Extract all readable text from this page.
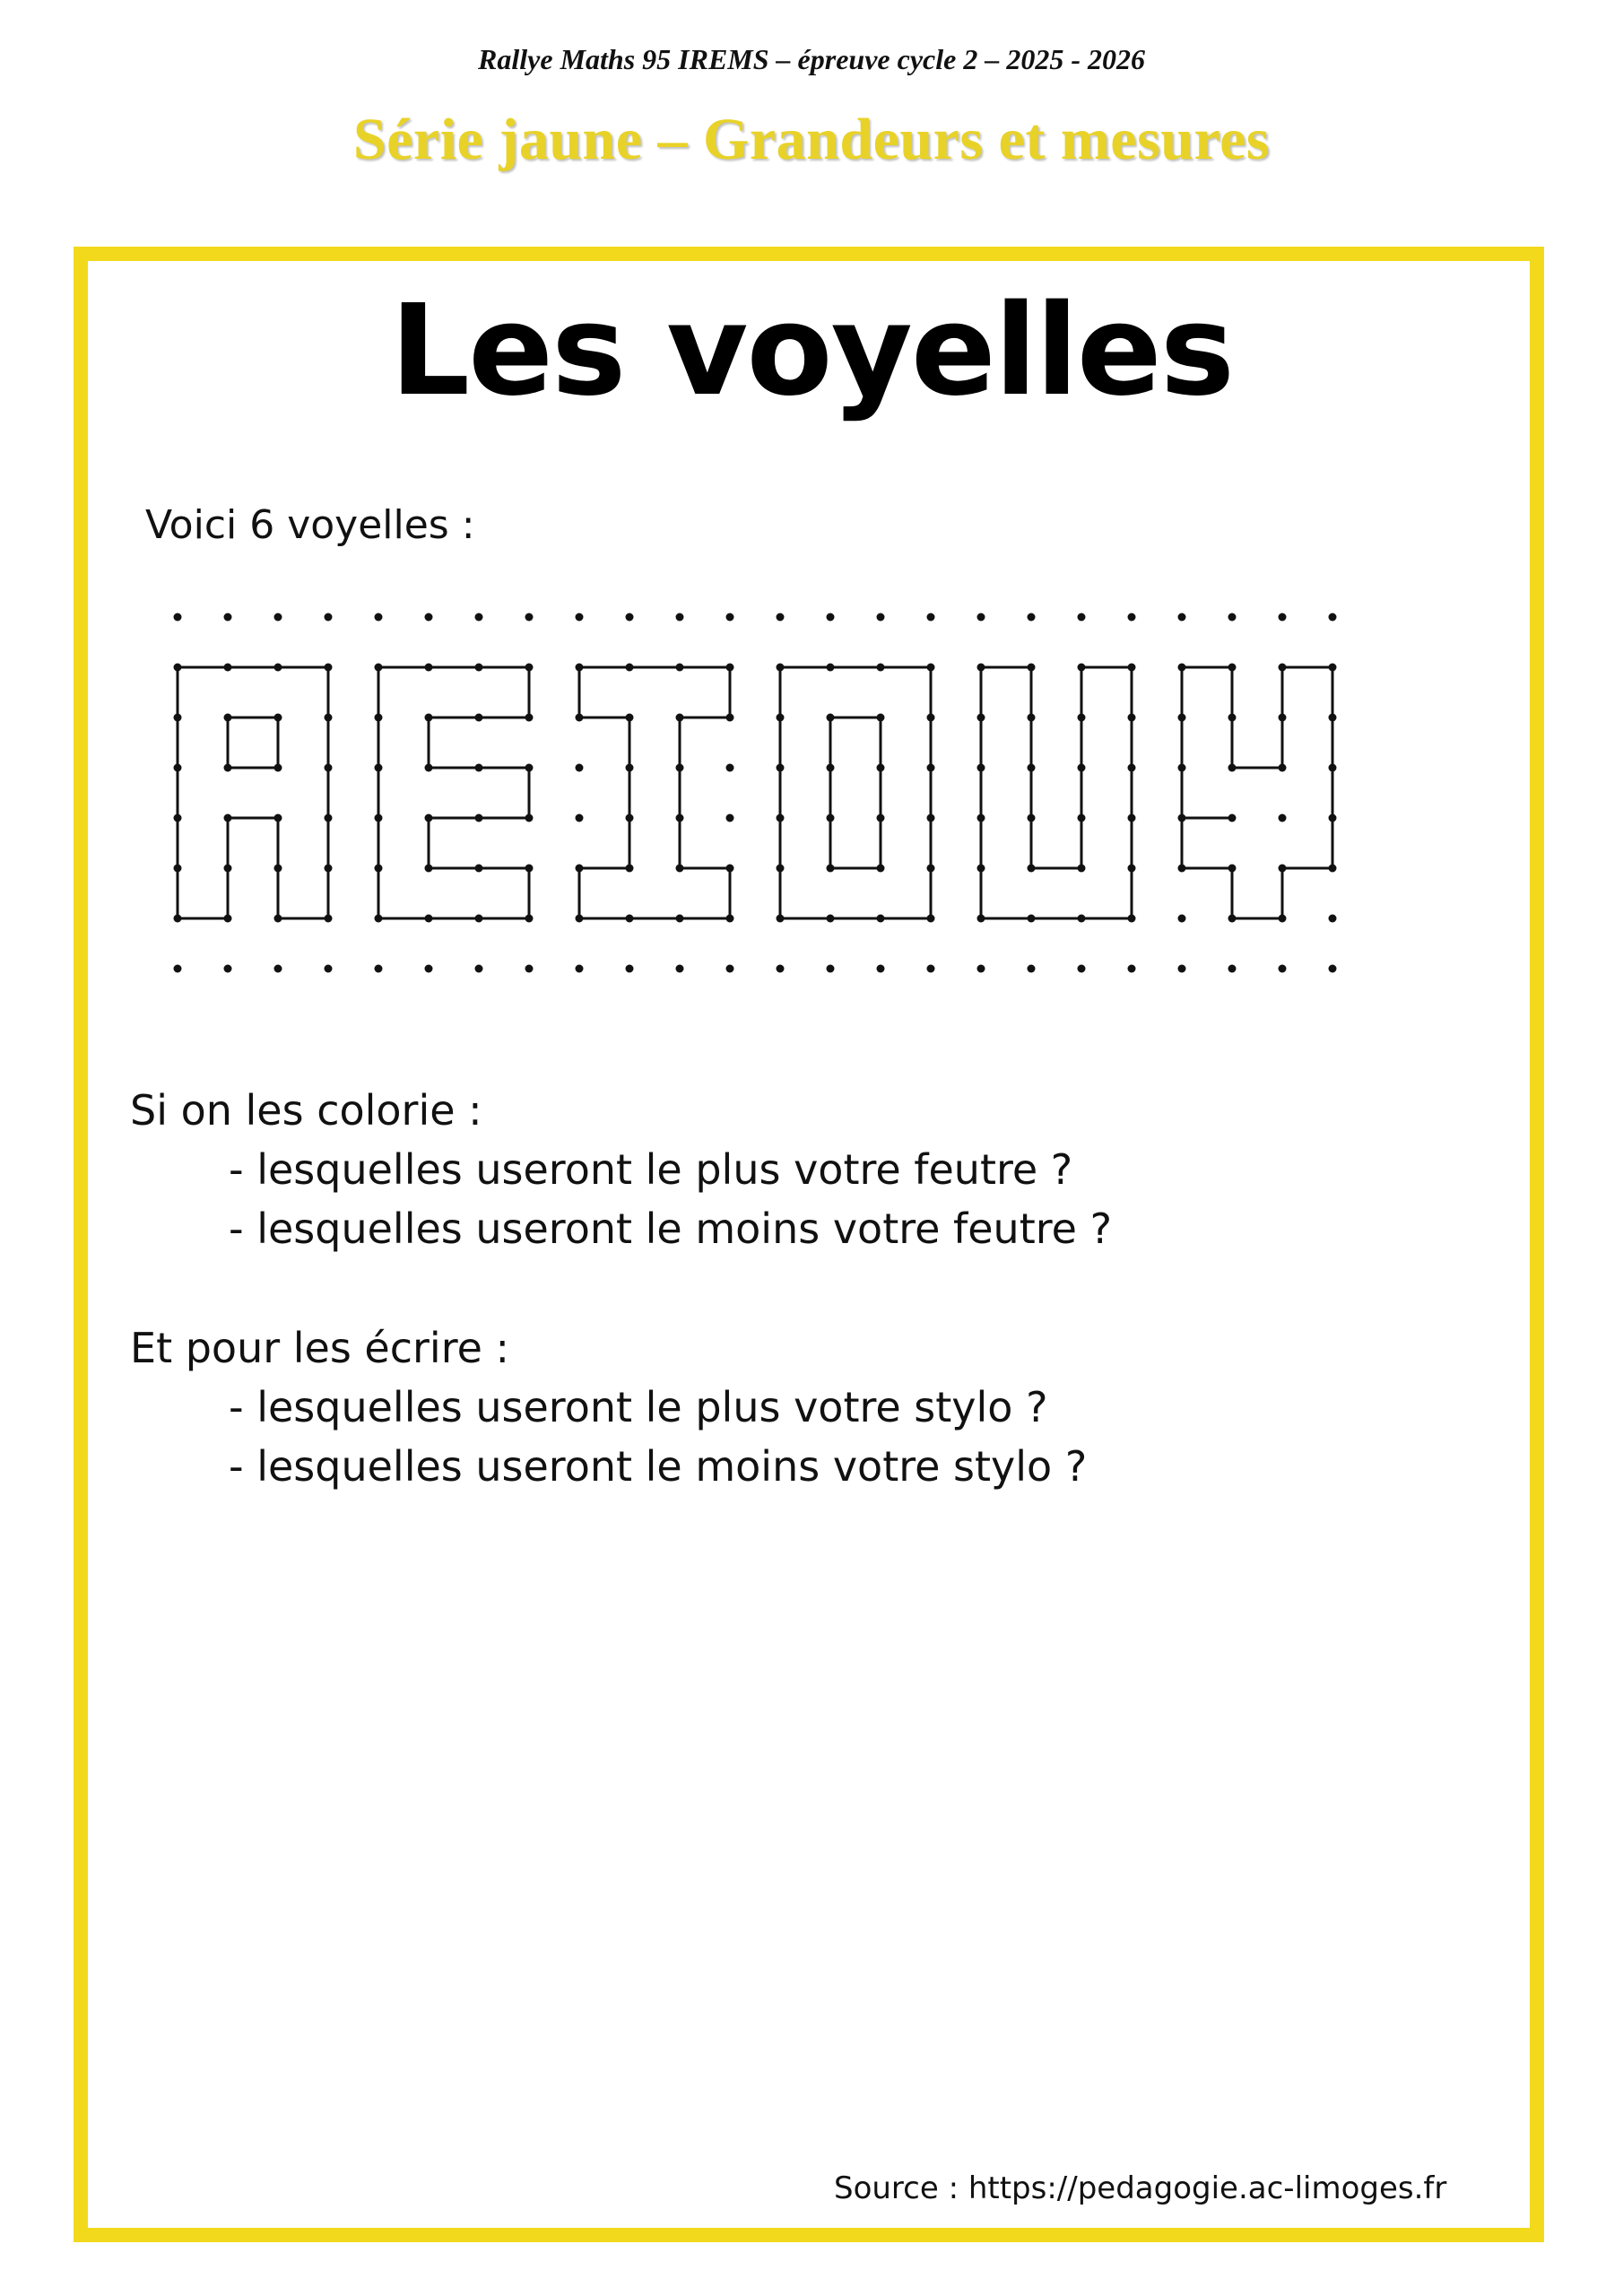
Rallye Maths 95 IREMS – épreuve cycle 2 – 2025 - 2026
Série jaune – Grandeurs et mesures
Les voyelles
Voici 6 voyelles :
Si on les colorie :
- lesquelles useront le plus votre feutre ?
- lesquelles useront le moins votre feutre ?
Et pour les écrire :
- lesquelles useront le plus votre stylo ?
- lesquelles useront le moins votre stylo ?
Source : https://pedagogie.ac-limoges.fr
